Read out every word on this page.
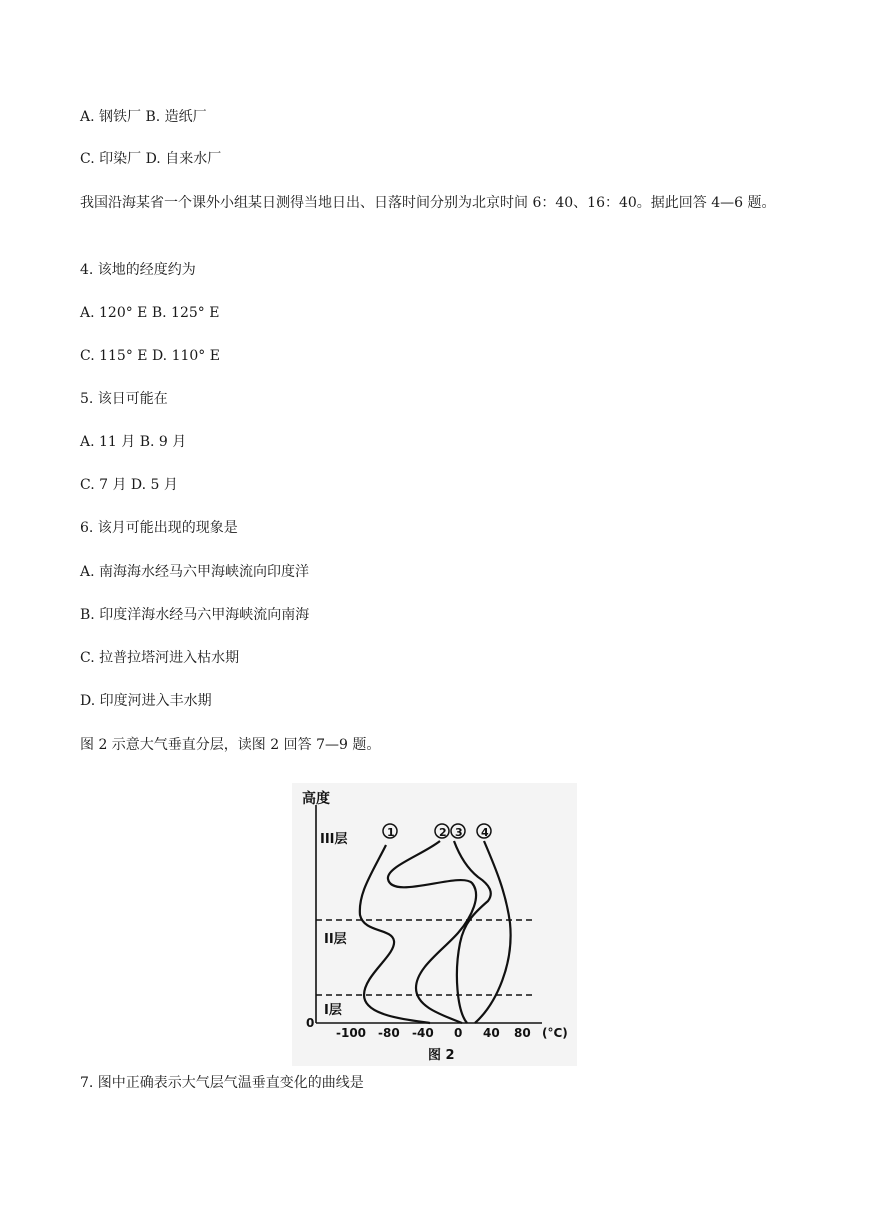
A. 钢铁厂 B. 造纸厂
C. 印染厂 D. 自来水厂
我国沿海某省一个课外小组某日测得当地日出、日落时间分别为北京时间 6：40、16：40。据此回答 4—6 题。
4. 该地的经度约为
A. 120° E B. 125° E
C. 115° E D. 110° E
5. 该日可能在
A. 11 月 B. 9 月
C. 7 月 D. 5 月
6. 该月可能出现的现象是
A. 南海海水经马六甲海峡流向印度洋
B. 印度洋海水经马六甲海峡流向南海
C. 拉普拉塔河进入枯水期
D. 印度河进入丰水期
图 2 示意大气垂直分层，读图 2 回答 7—9 题。
1	2 3 4
高度
III层
II层
I层
0
-100 -80 -40 0 40 80 (°C)
图 2
7. 图中正确表示大气层气温垂直变化的曲线是
